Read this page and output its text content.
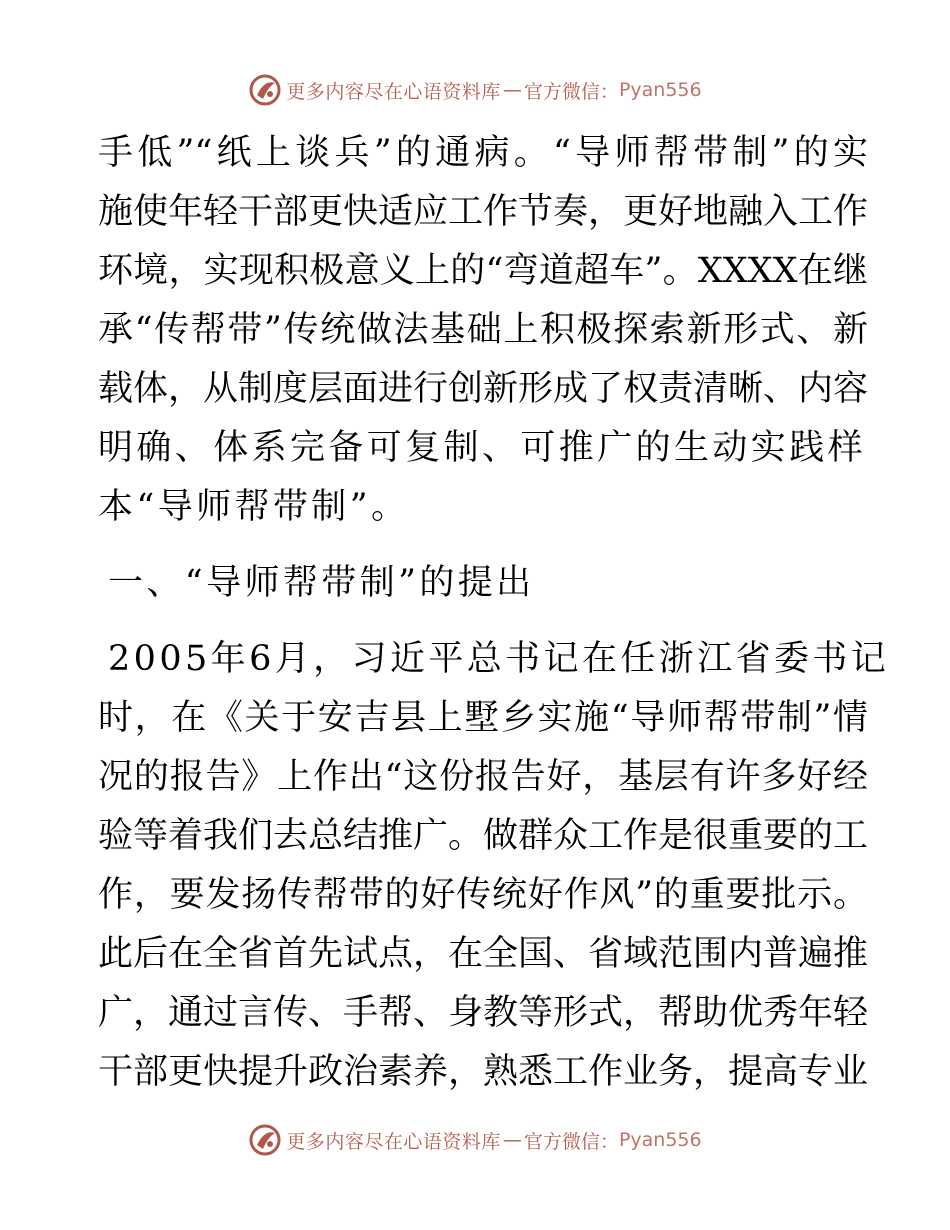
更多内容尽在心语资料库 — 官方微信： Pyan556
手低”“纸上谈兵”的通病。“导师帮带制”的实
施使年轻干部更快适应工作节奏，更好地融入工作
环境，实现积极意义上的“弯道超车”。XXXX在继
承“传帮带”传统做法基础上积极探索新形式、新
载体，从制度层面进行创新形成了权责清晰、内容
明确、体系完备可复制、可推广的生动实践样
本“导师帮带制”。
一、“导师帮带制”的提出
2005年6月，习近平总书记在任浙江省委书记
时，在《关于安吉县上墅乡实施“导师帮带制”情
况的报告》上作出“这份报告好，基层有许多好经
验等着我们去总结推广。做群众工作是很重要的工
作，要发扬传帮带的好传统好作风”的重要批示。
此后在全省首先试点，在全国、省域范围内普遍推
广，通过言传、手帮、身教等形式，帮助优秀年轻
干部更快提升政治素养，熟悉工作业务，提高专业
更多内容尽在心语资料库 — 官方微信： Pyan556
